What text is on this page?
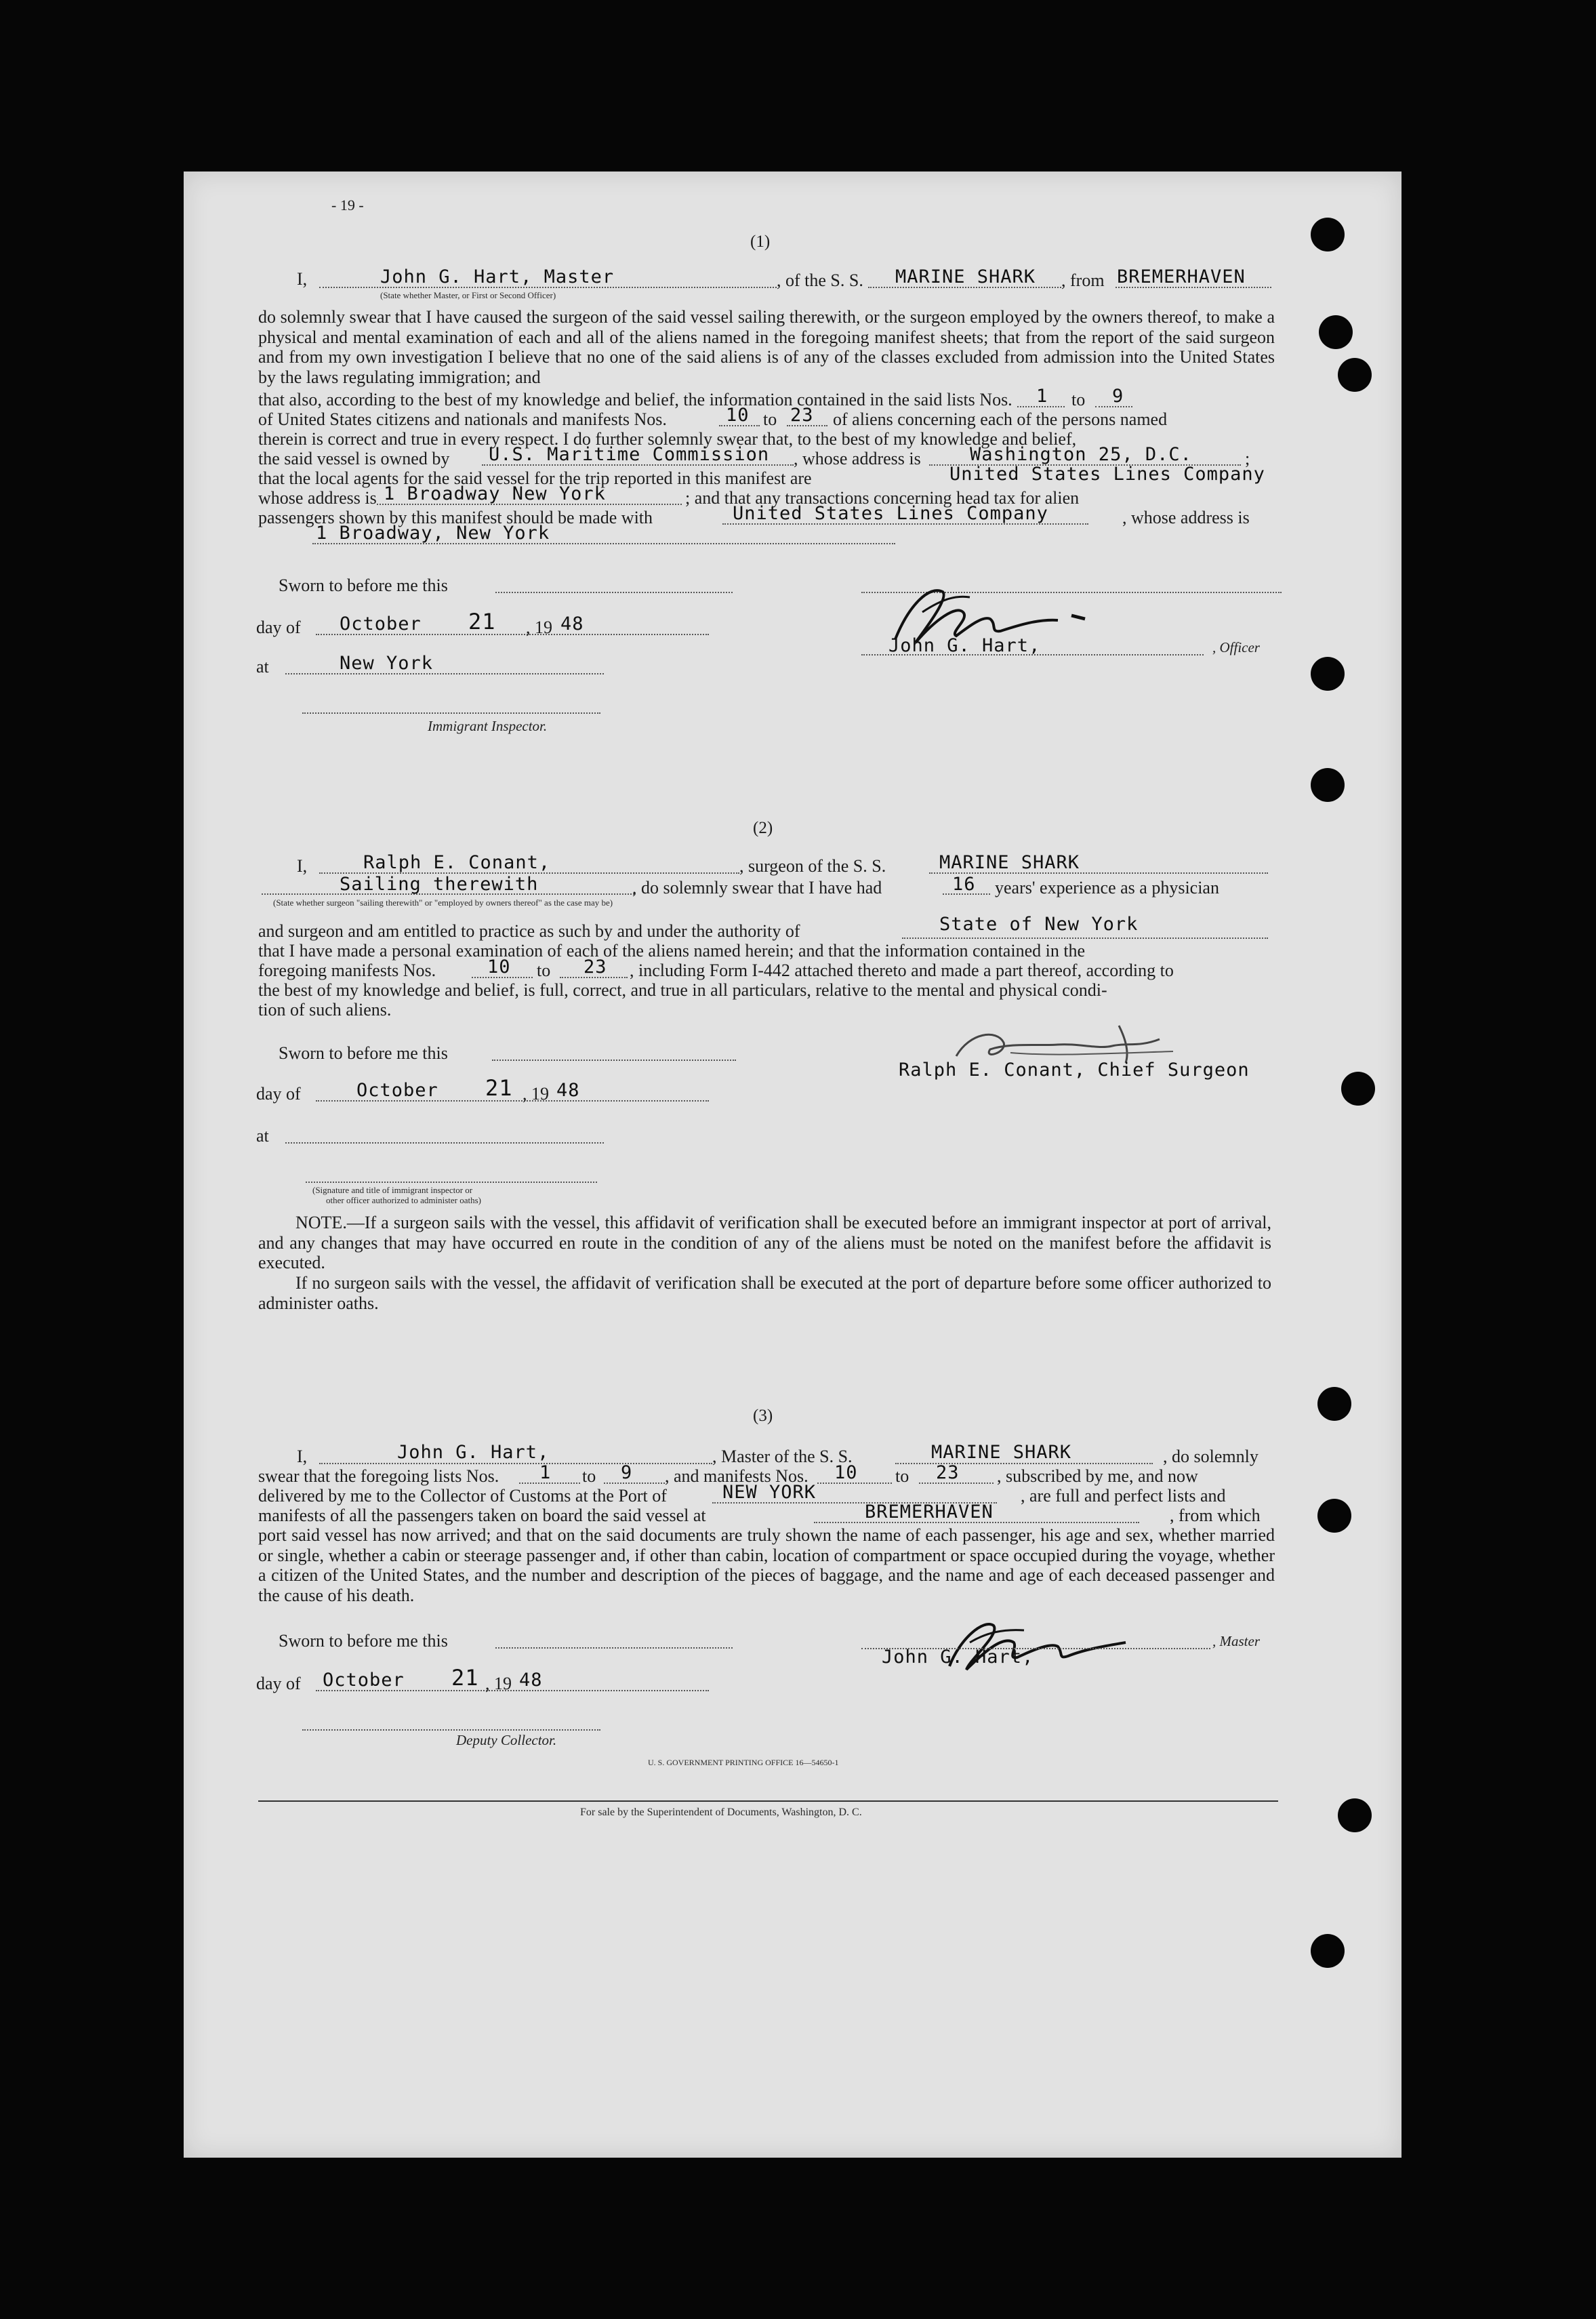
- 19 -
(1)
I,	John G. Hart, Master
(State whether Master, or First or Second Officer)
, of the S. S. MARINE SHARK , from BREMERHAVEN
do solemnly swear that I have caused the surgeon of the said vessel sailing therewith, or the surgeon employed by the owners thereof, to make a physical and mental examination of each and all of the aliens named in the foregoing manifest sheets; that from the report of the said surgeon and from my own investigation I believe that no one of the said aliens is of any of the classes excluded from admission into the United States by the laws regulating immigration; and
that also, according to the best of my knowledge and belief, the information contained in the said lists Nos. 1 to 9
of United States citizens and nationals and manifests Nos.	10 to 23 of aliens concerning each of the persons named
therein is correct and true in every respect. I do further solemnly swear that, to the best of my knowledge and belief,
the said vessel is owned by U.S. Maritime Commission , whose address is	Washington 25, D.C.	;
that the local agents for the said vessel for the trip reported in this manifest are	United States Lines Company
whose address is 1 Broadway New York	; and that any transactions concerning head tax for alien
passengers shown by this manifest should be made with	United States Lines Company	, whose address is
1 Broadway, New York
Sworn to before me this
day of October 21 , 19 48
at	New York
Immigrant Inspector.
John G. Hart,	, Officer
(2)
I,	Ralph E. Conant,	, surgeon of the S. S.	MARINE SHARK
Sailing therewith
(State whether surgeon "sailing therewith" or "employed by owners thereof" as the case may be)
, do solemnly swear that I have had	16 years' experience as a physician
and surgeon and am entitled to practice as such by and under the authority of	State of New York
that I have made a personal examination of each of the aliens named herein; and that the information contained in the
foregoing manifests Nos.	10 to 23 , including Form I-442 attached thereto and made a part thereof, according to
the best of my knowledge and belief, is full, correct, and true in all particulars, relative to the mental and physical condi-
tion of such aliens.
Sworn to before me this
day of	October 21 , 19 48
at
(Signature and title of immigrant inspector or
other officer authorized to administer oaths)
Ralph E. Conant, Chief Surgeon
NOTE.—If a surgeon sails with the vessel, this affidavit of verification shall be executed before an immigrant inspector at port of arrival, and any changes that may have occurred en route in the condition of any of the aliens must be noted on the manifest before the affidavit is executed.
If no surgeon sails with the vessel, the affidavit of verification shall be executed at the port of departure before some officer authorized to administer oaths.
(3)
I,	John G. Hart,	, Master of the S. S.	MARINE SHARK	, do solemnly
swear that the foregoing lists Nos. 1 to 9 , and manifests Nos. 10 to 23 , subscribed by me, and now
delivered by me to the Collector of Customs at the Port of	NEW YORK	, are full and perfect lists and
manifests of all the passengers taken on board the said vessel at	BREMERHAVEN	, from which
port said vessel has now arrived; and that on the said documents are truly shown the name of each passenger, his age and sex, whether married or single, whether a cabin or steerage passenger and, if other than cabin, location of compartment or space occupied during the voyage, whether a citizen of the United States, and the number and description of the pieces of baggage, and the name and age of each deceased passenger and the cause of his death.
Sworn to before me this	, Master
John G. Hart,
day of October 21 , 19 48
Deputy Collector.
U. S. GOVERNMENT PRINTING OFFICE 16—54650-1
For sale by the Superintendent of Documents, Washington, D. C.
